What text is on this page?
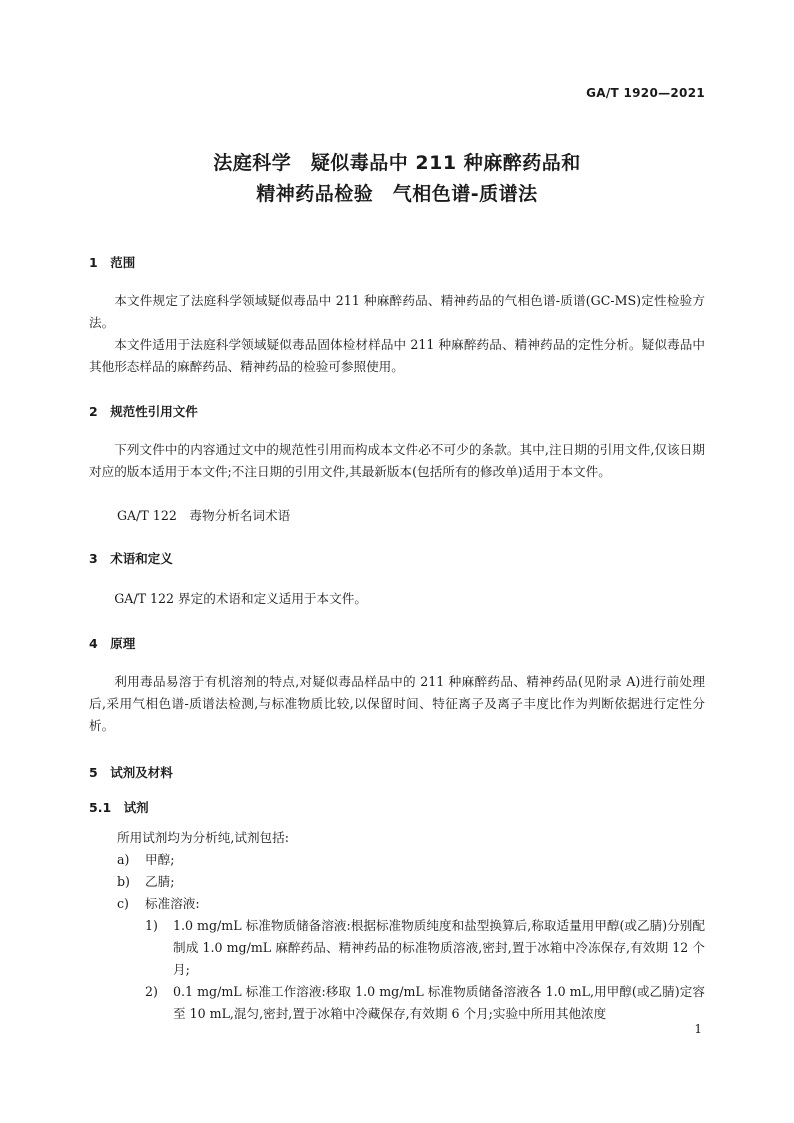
GA/T 1920—2021
法庭科学　疑似毒品中 211 种麻醉药品和
精神药品检验　气相色谱-质谱法
1　范围
本文件规定了法庭科学领域疑似毒品中 211 种麻醉药品、精神药品的气相色谱-质谱(GC-MS)定性检验方法。
本文件适用于法庭科学领域疑似毒品固体检材样品中 211 种麻醉药品、精神药品的定性分析。疑似毒品中其他形态样品的麻醉药品、精神药品的检验可参照使用。
2　规范性引用文件
下列文件中的内容通过文中的规范性引用而构成本文件必不可少的条款。其中,注日期的引用文件,仅该日期对应的版本适用于本文件;不注日期的引用文件,其最新版本(包括所有的修改单)适用于本文件。
GA/T 122　毒物分析名词术语
3　术语和定义
GA/T 122 界定的术语和定义适用于本文件。
4　原理
利用毒品易溶于有机溶剂的特点,对疑似毒品样品中的 211 种麻醉药品、精神药品(见附录 A)进行前处理后,采用气相色谱-质谱法检测,与标准物质比较,以保留时间、特征离子及离子丰度比作为判断依据进行定性分析。
5　试剂及材料
5.1　试剂
所用试剂均为分析纯,试剂包括:
a) 甲醇;
b) 乙腈;
c) 标准溶液:
1) 1.0 mg/mL 标准物质储备溶液:根据标准物质纯度和盐型换算后,称取适量用甲醇(或乙腈)分别配制成 1.0 mg/mL 麻醉药品、精神药品的标准物质溶液,密封,置于冰箱中冷冻保存,有效期 12 个月;
2) 0.1 mg/mL 标准工作溶液:移取 1.0 mg/mL 标准物质储备溶液各 1.0 mL,用甲醇(或乙腈)定容至 10 mL,混匀,密封,置于冰箱中冷藏保存,有效期 6 个月;实验中所用其他浓度
1
